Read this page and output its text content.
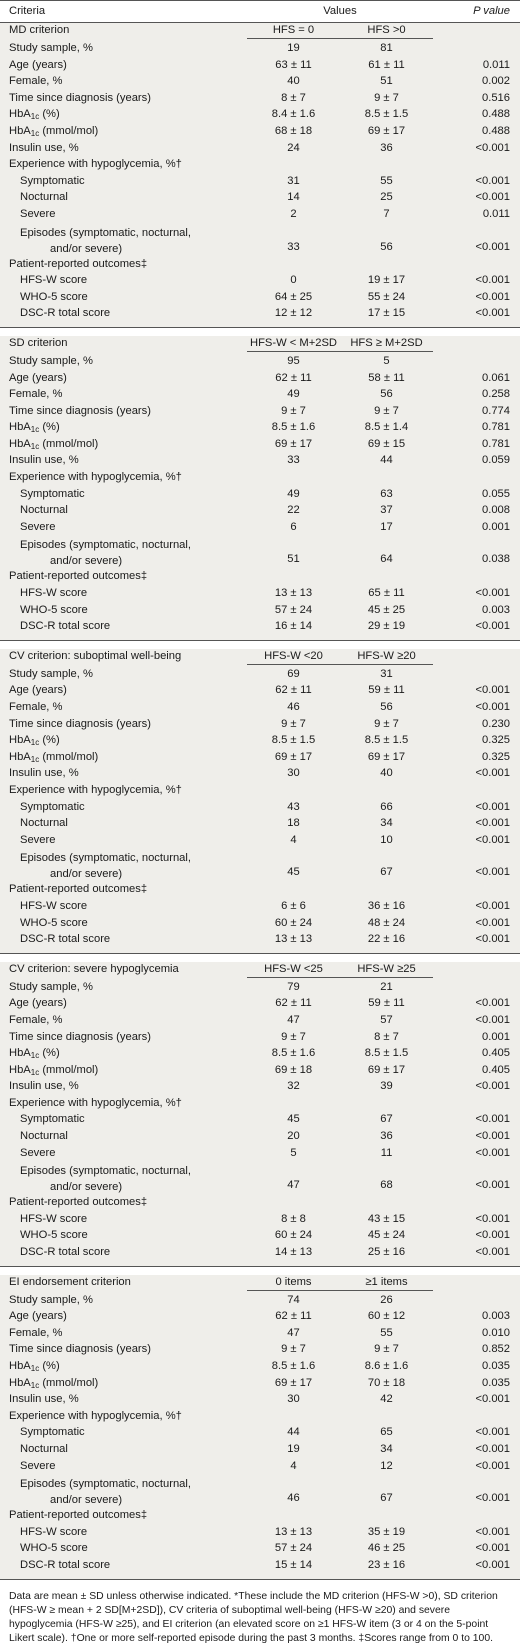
Criteria	Values	P value
MD criterion	HFS = 0	HFS >0
Study sample, %	19	81
Age (years)	63 ± 11	61 ± 11	0.011
Female, %	40	51	0.002
Time since diagnosis (years)	8 ± 7	9 ± 7	0.516
HbA$_{1c}$ (%)	8.4 ± 1.6	8.5 ± 1.5	0.488
HbA$_{1c}$ (mmol/mol)	68 ± 18	69 ± 17	0.488
Insulin use, %	24	36	<0.001
Experience with hypoglycemia, %†
Symptomatic	31	55	<0.001
Nocturnal	14	25	<0.001
Severe	2	7	0.011
Episodes (symptomatic, nocturnal,
and/or severe)	33	56	<0.001
Patient-reported outcomes‡
HFS-W score	0	19 ± 17	<0.001
WHO-5 score	64 ± 25	55 ± 24	<0.001
DSC-R total score	12 ± 12	17 ± 15	<0.001
SD criterion	HFS-W < M+2SD	HFS ≥ M+2SD
Study sample, %	95	5
Age (years)	62 ± 11	58 ± 11	0.061
Female, %	49	56	0.258
Time since diagnosis (years)	9 ± 7	9 ± 7	0.774
HbA$_{1c}$ (%)	8.5 ± 1.6	8.5 ± 1.4	0.781
HbA$_{1c}$ (mmol/mol)	69 ± 17	69 ± 15	0.781
Insulin use, %	33	44	0.059
Experience with hypoglycemia, %†
Symptomatic	49	63	0.055
Nocturnal	22	37	0.008
Severe	6	17	0.001
Episodes (symptomatic, nocturnal,
and/or severe)	51	64	0.038
Patient-reported outcomes‡
HFS-W score	13 ± 13	65 ± 11	<0.001
WHO-5 score	57 ± 24	45 ± 25	0.003
DSC-R total score	16 ± 14	29 ± 19	<0.001
CV criterion: suboptimal well-being	HFS-W <20	HFS-W ≥20
Study sample, %	69	31
Age (years)	62 ± 11	59 ± 11	<0.001
Female, %	46	56	<0.001
Time since diagnosis (years)	9 ± 7	9 ± 7	0.230
HbA$_{1c}$ (%)	8.5 ± 1.5	8.5 ± 1.5	0.325
HbA$_{1c}$ (mmol/mol)	69 ± 17	69 ± 17	0.325
Insulin use, %	30	40	<0.001
Experience with hypoglycemia, %†
Symptomatic	43	66	<0.001
Nocturnal	18	34	<0.001
Severe	4	10	<0.001
Episodes (symptomatic, nocturnal,
and/or severe)	45	67	<0.001
Patient-reported outcomes‡
HFS-W score	6 ± 6	36 ± 16	<0.001
WHO-5 score	60 ± 24	48 ± 24	<0.001
DSC-R total score	13 ± 13	22 ± 16	<0.001
CV criterion: severe hypoglycemia	HFS-W <25	HFS-W ≥25
Study sample, %	79	21
Age (years)	62 ± 11	59 ± 11	<0.001
Female, %	47	57	<0.001
Time since diagnosis (years)	9 ± 7	8 ± 7	0.001
HbA$_{1c}$ (%)	8.5 ± 1.6	8.5 ± 1.5	0.405
HbA$_{1c}$ (mmol/mol)	69 ± 18	69 ± 17	0.405
Insulin use, %	32	39	<0.001
Experience with hypoglycemia, %†
Symptomatic	45	67	<0.001
Nocturnal	20	36	<0.001
Severe	5	11	<0.001
Episodes (symptomatic, nocturnal,
and/or severe)	47	68	<0.001
Patient-reported outcomes‡
HFS-W score	8 ± 8	43 ± 15	<0.001
WHO-5 score	60 ± 24	45 ± 24	<0.001
DSC-R total score	14 ± 13	25 ± 16	<0.001
EI endorsement criterion	0 items	≥1 items
Study sample, %	74	26
Age (years)	62 ± 11	60 ± 12	0.003
Female, %	47	55	0.010
Time since diagnosis (years)	9 ± 7	9 ± 7	0.852
HbA$_{1c}$ (%)	8.5 ± 1.6	8.6 ± 1.6	0.035
HbA$_{1c}$ (mmol/mol)	69 ± 17	70 ± 18	0.035
Insulin use, %	30	42	<0.001
Experience with hypoglycemia, %†
Symptomatic	44	65	<0.001
Nocturnal	19	34	<0.001
Severe	4	12	<0.001
Episodes (symptomatic, nocturnal,
and/or severe)	46	67	<0.001
Patient-reported outcomes‡
HFS-W score	13 ± 13	35 ± 19	<0.001
WHO-5 score	57 ± 24	46 ± 25	<0.001
DSC-R total score	15 ± 14	23 ± 16	<0.001
Data are mean ± SD unless otherwise indicated. *These include the MD criterion (HFS-W >0), SD criterion (HFS-W ≥ mean + 2 SD[M+2SD]), CV criteria of suboptimal well-being (HFS-W ≥20) and severe hypoglycemia (HFS-W ≥25), and EI criterion (an elevated score on ≥1 HFS-W item (3 or 4 on the 5-point Likert scale). †One or more self-reported episode during the past 3 months. ‡Scores range from 0 to 100.
